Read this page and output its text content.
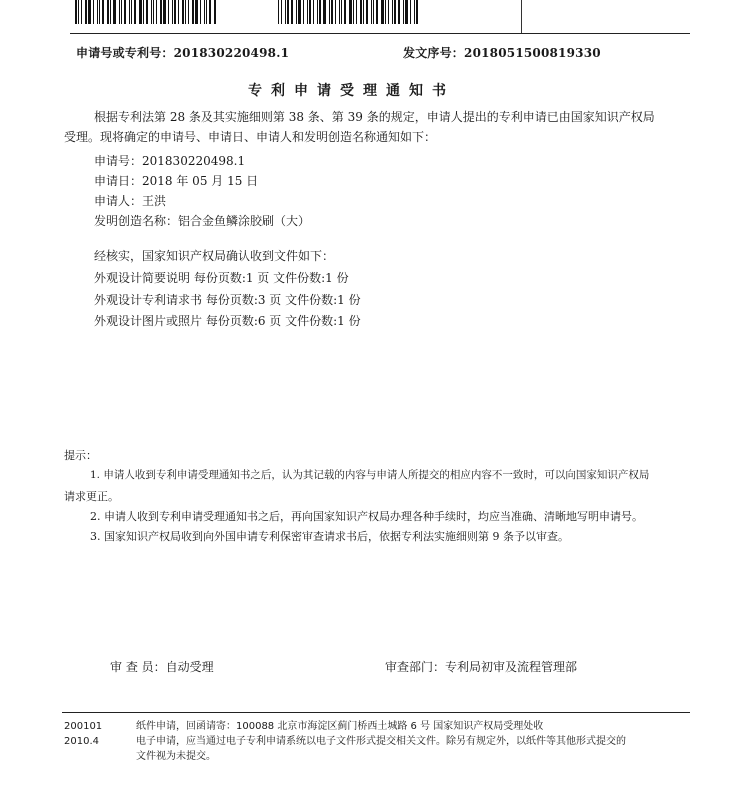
申请号或专利号：201830220498.1	发文序号：2018051500819330
专利申请受理通知书
根据专利法第 28 条及其实施细则第 38 条、第 39 条的规定，申请人提出的专利申请已由国家知识产权局
受理。现将确定的申请号、申请日、申请人和发明创造名称通知如下：
申请号：201830220498.1
申请日：2018 年 05 月 15 日
申请人：王洪
发明创造名称：铝合金鱼鳞涂胶刷（大）
经核实，国家知识产权局确认收到文件如下：
外观设计简要说明 每份页数:1 页 文件份数:1 份
外观设计专利请求书 每份页数:3 页 文件份数:1 份
外观设计图片或照片 每份页数:6 页 文件份数:1 份
提示：
1. 申请人收到专利申请受理通知书之后，认为其记载的内容与申请人所提交的相应内容不一致时，可以向国家知识产权局
请求更正。
2. 申请人收到专利申请受理通知书之后，再向国家知识产权局办理各种手续时，均应当准确、清晰地写明申请号。
3. 国家知识产权局收到向外国申请专利保密审查请求书后，依据专利法实施细则第 9 条予以审查。
审 查 员：自动受理	审查部门：专利局初审及流程管理部
200101
2010.4
纸件申请，回函请寄：100088 北京市海淀区蓟门桥西土城路 6 号 国家知识产权局受理处收
电子申请，应当通过电子专利申请系统以电子文件形式提交相关文件。除另有规定外，以纸件等其他形式提交的
文件视为未提交。
